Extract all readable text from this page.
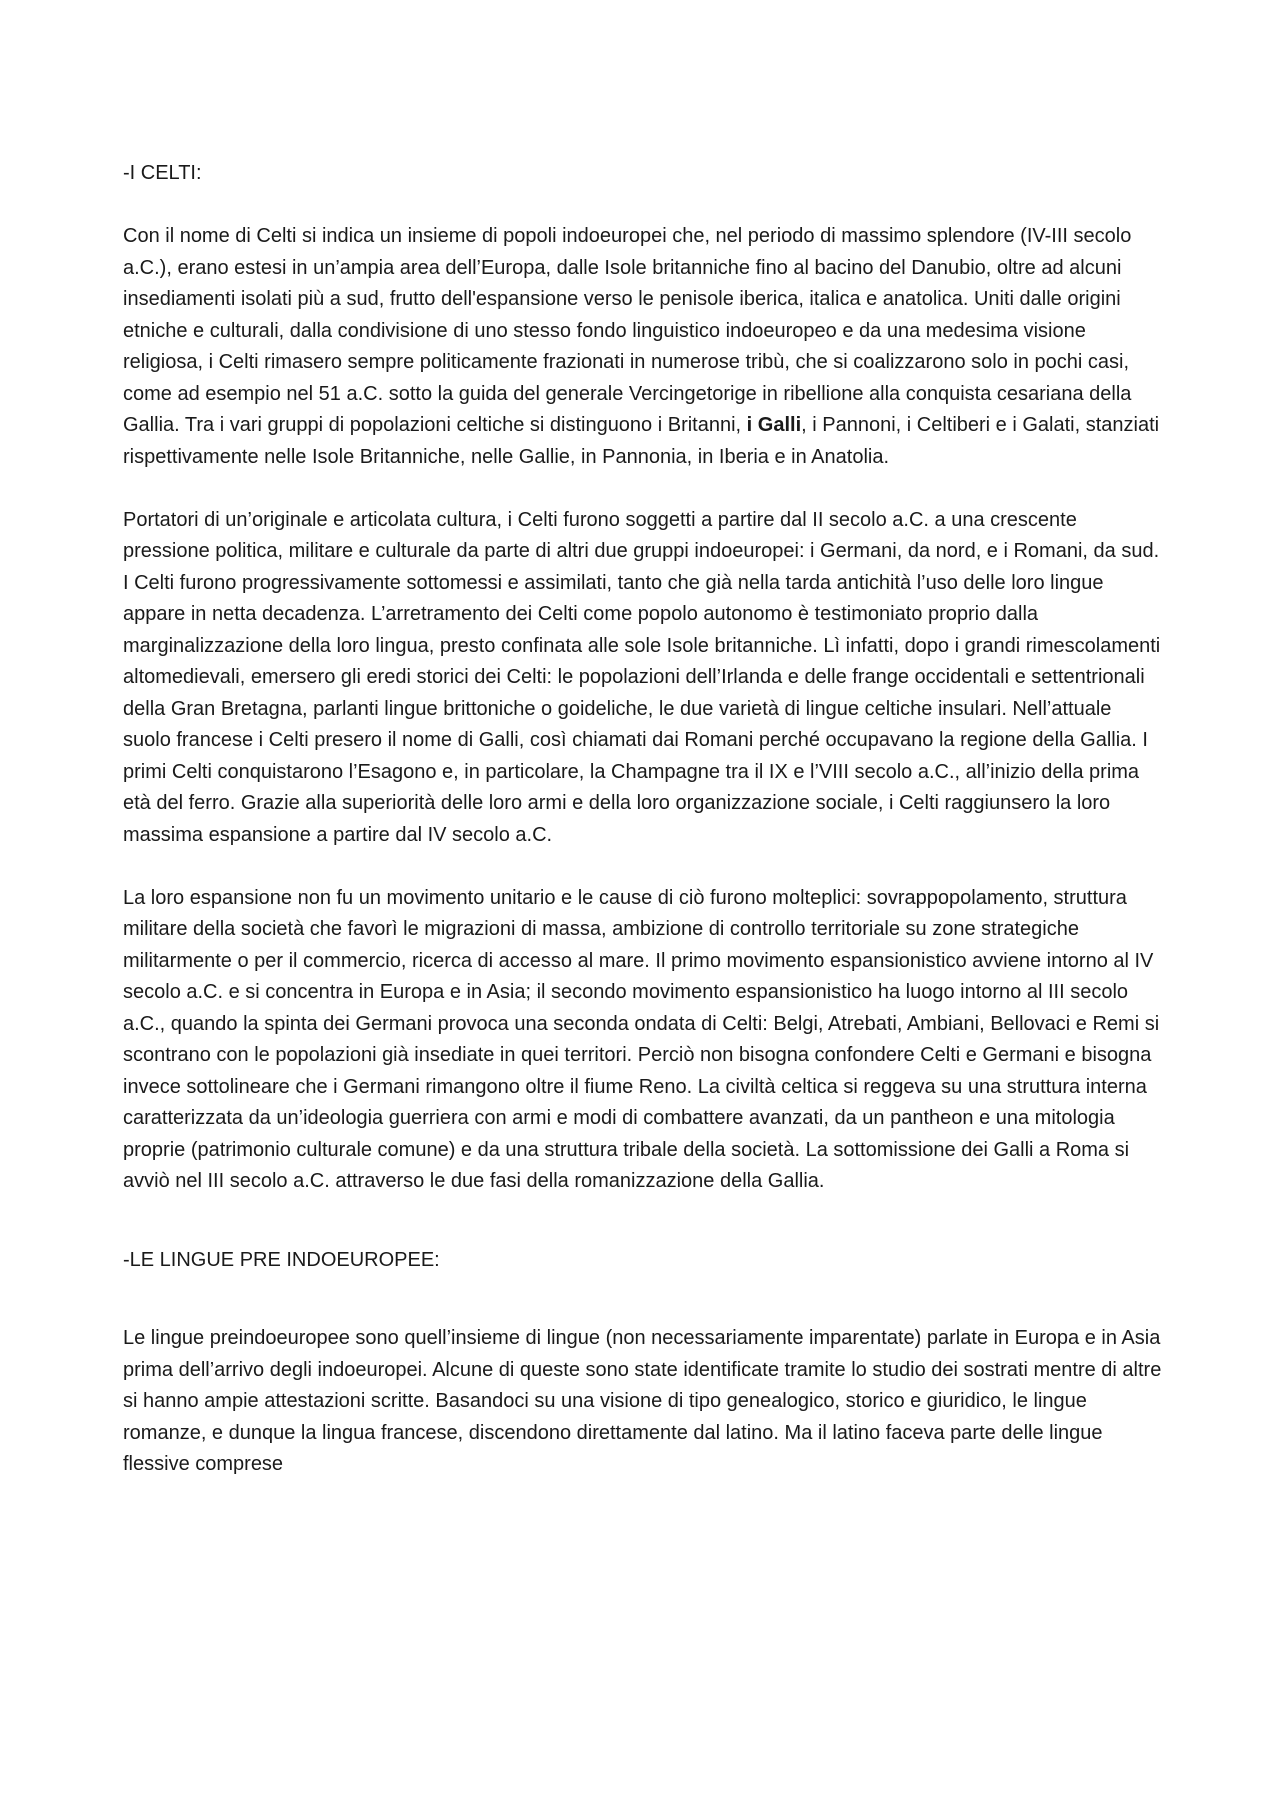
-I CELTI:

Con il nome di Celti si indica un insieme di popoli indoeuropei che, nel periodo di massimo splendore (IV-III secolo a.C.), erano estesi in un’ampia area dell’Europa, dalle Isole britanniche fino al bacino del Danubio, oltre ad alcuni insediamenti isolati più a sud, frutto dell'espansione verso le penisole iberica, italica e anatolica. Uniti dalle origini etniche e culturali, dalla condivisione di uno stesso fondo linguistico indoeuropeo e da una medesima visione religiosa, i Celti rimasero sempre politicamente frazionati in numerose tribù, che si coalizzarono solo in pochi casi, come ad esempio nel 51 a.C. sotto la guida del generale Vercingetorige in ribellione alla conquista cesariana della Gallia. Tra i vari gruppi di popolazioni celtiche si distinguono i Britanni, i Galli, i Pannoni, i Celtiberi e i Galati, stanziati rispettivamente nelle Isole Britanniche, nelle Gallie, in Pannonia, in Iberia e in Anatolia.

Portatori di un’originale e articolata cultura, i Celti furono soggetti a partire dal II secolo a.C. a una crescente pressione politica, militare e culturale da parte di altri due gruppi indoeuropei: i Germani, da nord, e i Romani, da sud. I Celti furono progressivamente sottomessi e assimilati, tanto che già nella tarda antichità l’uso delle loro lingue appare in netta decadenza. L’arretramento dei Celti come popolo autonomo è testimoniato proprio dalla marginalizzazione della loro lingua, presto confinata alle sole Isole britanniche. Lì infatti, dopo i grandi rimescolamenti altomedievali, emersero gli eredi storici dei Celti: le popolazioni dell’Irlanda e delle frange occidentali e settentrionali della Gran Bretagna, parlanti lingue brittoniche o goideliche, le due varietà di lingue celtiche insulari. Nell’attuale suolo francese i Celti presero il nome di Galli, così chiamati dai Romani perché occupavano la regione della Gallia. I primi Celti conquistarono l’Esagono e, in particolare, la Champagne tra il IX e l’VIII secolo a.C., all’inizio della prima età del ferro. Grazie alla superiorità delle loro armi e della loro organizzazione sociale, i Celti raggiunsero la loro massima espansione a partire dal IV secolo a.C.

La loro espansione non fu un movimento unitario e le cause di ciò furono molteplici: sovrappopolamento, struttura militare della società che favorì le migrazioni di massa, ambizione di controllo territoriale su zone strategiche militarmente o per il commercio, ricerca di accesso al mare. Il primo movimento espansionistico avviene intorno al IV secolo a.C. e si concentra in Europa e in Asia; il secondo movimento espansionistico ha luogo intorno al III secolo a.C., quando la spinta dei Germani provoca una seconda ondata di Celti: Belgi, Atrebati, Ambiani, Bellovaci e Remi si scontrano con le popolazioni già insediate in quei territori. Perciò non bisogna confondere Celti e Germani e bisogna invece sottolineare che i Germani rimangono oltre il fiume Reno. La civiltà celtica si reggeva su una struttura interna caratterizzata da un’ideologia guerriera con armi e modi di combattere avanzati, da un pantheon e una mitologia proprie (patrimonio culturale comune) e da una struttura tribale della società. La sottomissione dei Galli a Roma si avviò nel III secolo a.C. attraverso le due fasi della romanizzazione della Gallia.

-LE LINGUE PRE INDOEUROPEE:

Le lingue preindoeuropee sono quell’insieme di lingue (non necessariamente imparentate) parlate in Europa e in Asia prima dell’arrivo degli indoeuropei. Alcune di queste sono state identificate tramite lo studio dei sostrati mentre di altre si hanno ampie attestazioni scritte. Basandoci su una visione di tipo genealogico, storico e giuridico, le lingue romanze, e dunque la lingua francese, discendono direttamente dal latino. Ma il latino faceva parte delle lingue flessive comprese
